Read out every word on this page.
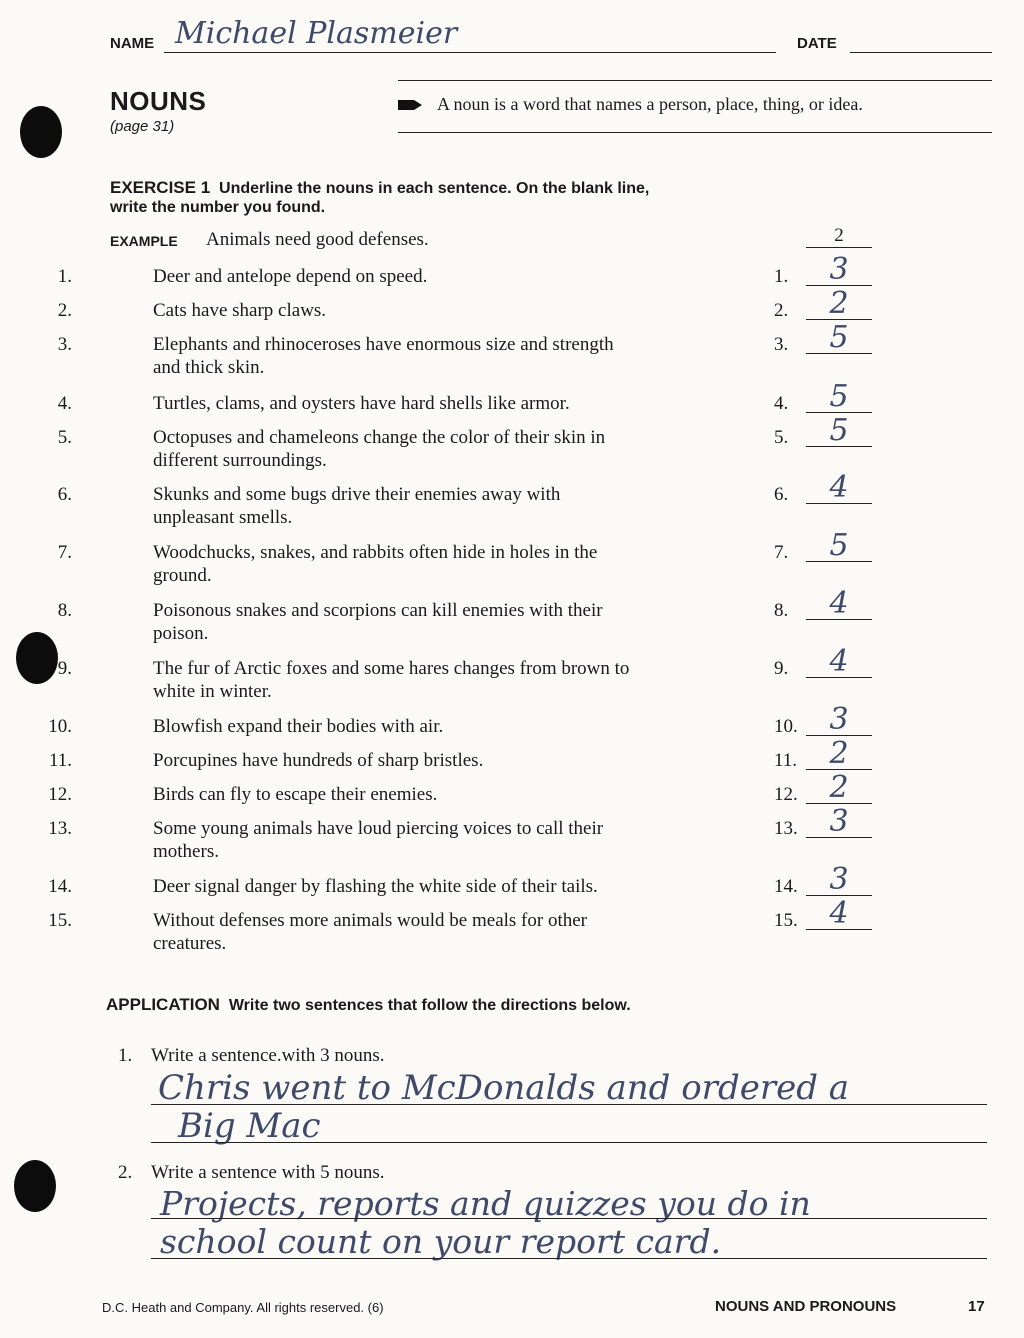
NAME Michael Plasmeier	DATE
NOUNS
(page 31)
A noun is a word that names a person, place, thing, or idea.
EXERCISE 1 Underline the nouns in each sentence. On the blank line,
write the number you found.
EXAMPLE Animals need good defenses.	2
1.	Deer and antelope depend on speed.	1.	3
2.	Cats have sharp claws.	2.	2
3.	Elephants and rhinoceroses have enormous size and strength
and thick skin.
3.	5
4.	Turtles, clams, and oysters have hard shells like armor.	4.	5
5.	Octopuses and chameleons change the color of their skin in
different surroundings.
5.	5
6.	Skunks and some bugs drive their enemies away with
unpleasant smells.
6.	4
7.	Woodchucks, snakes, and rabbits often hide in holes in the
ground.
7.	5
8.	Poisonous snakes and scorpions can kill enemies with their
poison.
8.	4
9.	The fur of Arctic foxes and some hares changes from brown to
white in winter.
9.	4
10.	Blowfish expand their bodies with air.	10.	3
11.	Porcupines have hundreds of sharp bristles.	11.	2
12.	Birds can fly to escape their enemies.	12.	2
13.	Some young animals have loud piercing voices to call their
mothers.
13.	3
14.	Deer signal danger by flashing the white side of their tails.	14.	3
15.	Without defenses more animals would be meals for other
creatures.
15.	4
APPLICATION Write two sentences that follow the directions below.
1. Write a sentence.with 3 nouns.
Chris went to McDonalds and ordered a
Big Mac
2. Write a sentence with 5 nouns.
Projects, reports and quizzes you do in
school count on your report card.
D.C. Heath and Company. All rights reserved. (6)	NOUNS AND PRONOUNS	17
